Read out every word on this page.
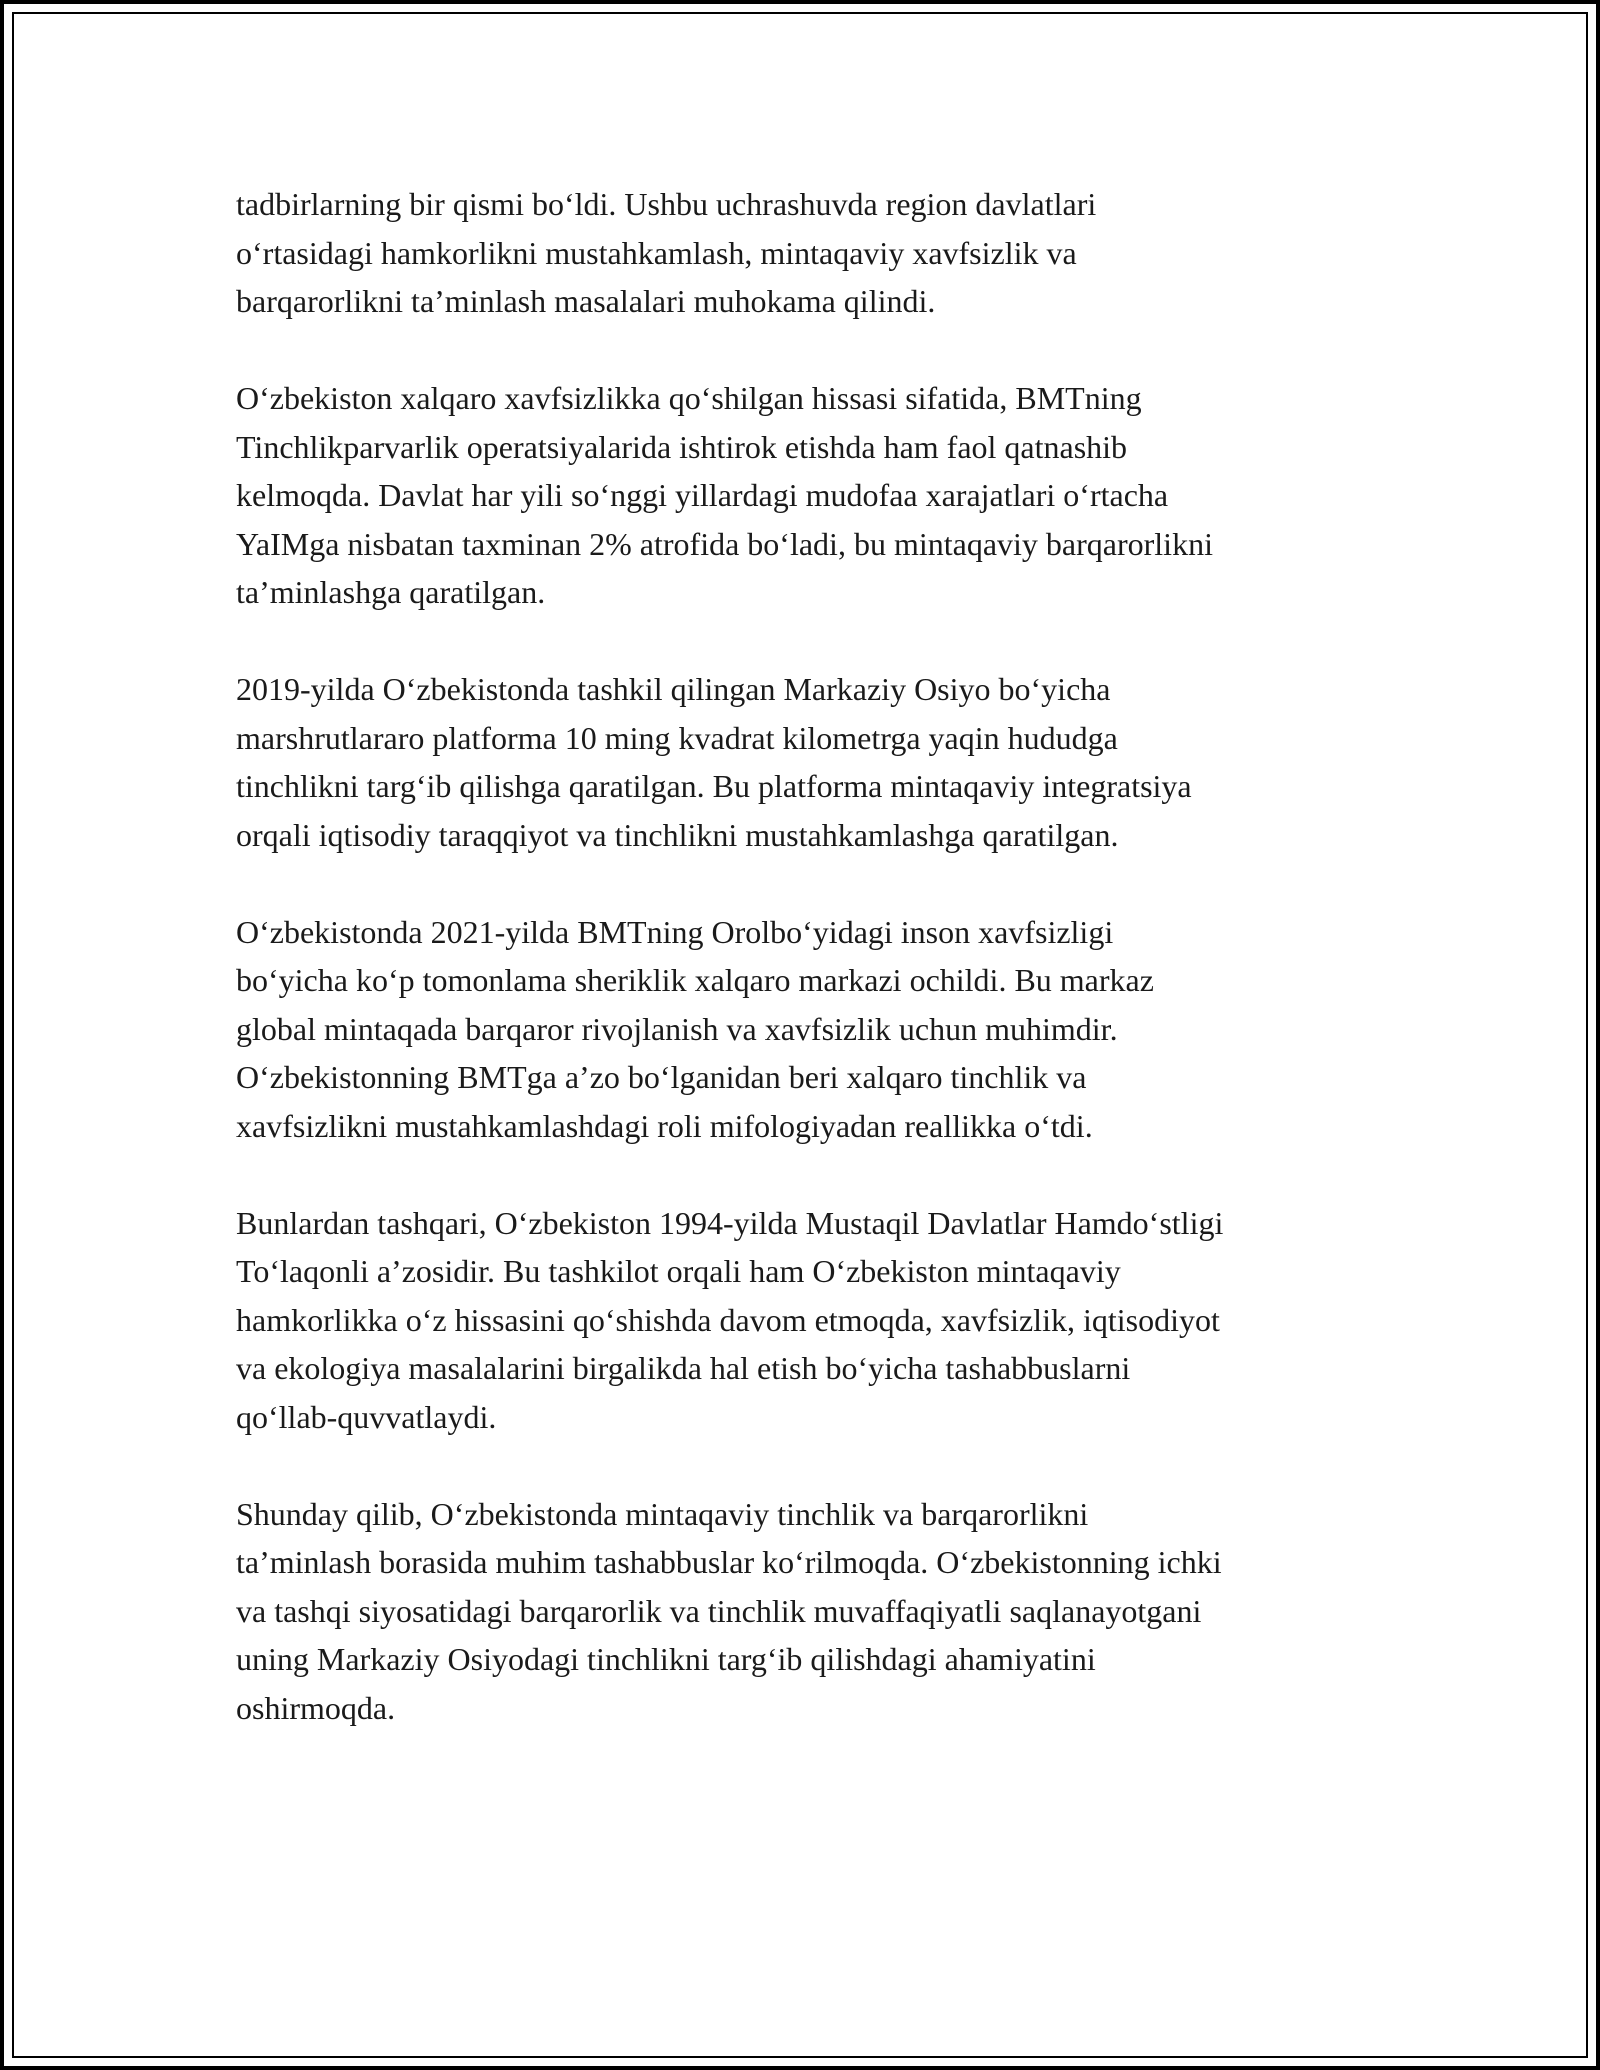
tadbirlarning bir qismi bo‘ldi. Ushbu uchrashuvda region davlatlari
o‘rtasidagi hamkorlikni mustahkamlash, mintaqaviy xavfsizlik va
barqarorlikni ta’minlash masalalari muhokama qilindi.

O‘zbekiston xalqaro xavfsizlikka qo‘shilgan hissasi sifatida, BMTning
Tinchlikparvarlik operatsiyalarida ishtirok etishda ham faol qatnashib
kelmoqda. Davlat har yili so‘nggi yillardagi mudofaa xarajatlari o‘rtacha
YaIMga nisbatan taxminan 2% atrofida bo‘ladi, bu mintaqaviy barqarorlikni
ta’minlashga qaratilgan.

2019-yilda O‘zbekistonda tashkil qilingan Markaziy Osiyo bo‘yicha
marshrutlararo platforma 10 ming kvadrat kilometrga yaqin hududga
tinchlikni targ‘ib qilishga qaratilgan. Bu platforma mintaqaviy integratsiya
orqali iqtisodiy taraqqiyot va tinchlikni mustahkamlashga qaratilgan.

O‘zbekistonda 2021-yilda BMTning Orolbo‘yidagi inson xavfsizligi
bo‘yicha ko‘p tomonlama sheriklik xalqaro markazi ochildi. Bu markaz
global mintaqada barqaror rivojlanish va xavfsizlik uchun muhimdir.
O‘zbekistonning BMTga a’zo bo‘lganidan beri xalqaro tinchlik va
xavfsizlikni mustahkamlashdagi roli mifologiyadan reallikka o‘tdi.

Bunlardan tashqari, O‘zbekiston 1994-yilda Mustaqil Davlatlar Hamdo‘stligi
To‘laqonli a’zosidir. Bu tashkilot orqali ham O‘zbekiston mintaqaviy
hamkorlikka o‘z hissasini qo‘shishda davom etmoqda, xavfsizlik, iqtisodiyot
va ekologiya masalalarini birgalikda hal etish bo‘yicha tashabbuslarni
qo‘llab-quvvatlaydi.

Shunday qilib, O‘zbekistonda mintaqaviy tinchlik va barqarorlikni
ta’minlash borasida muhim tashabbuslar ko‘rilmoqda. O‘zbekistonning ichki
va tashqi siyosatidagi barqarorlik va tinchlik muvaffaqiyatli saqlanayotgani
uning Markaziy Osiyodagi tinchlikni targ‘ib qilishdagi ahamiyatini
oshirmoqda.
